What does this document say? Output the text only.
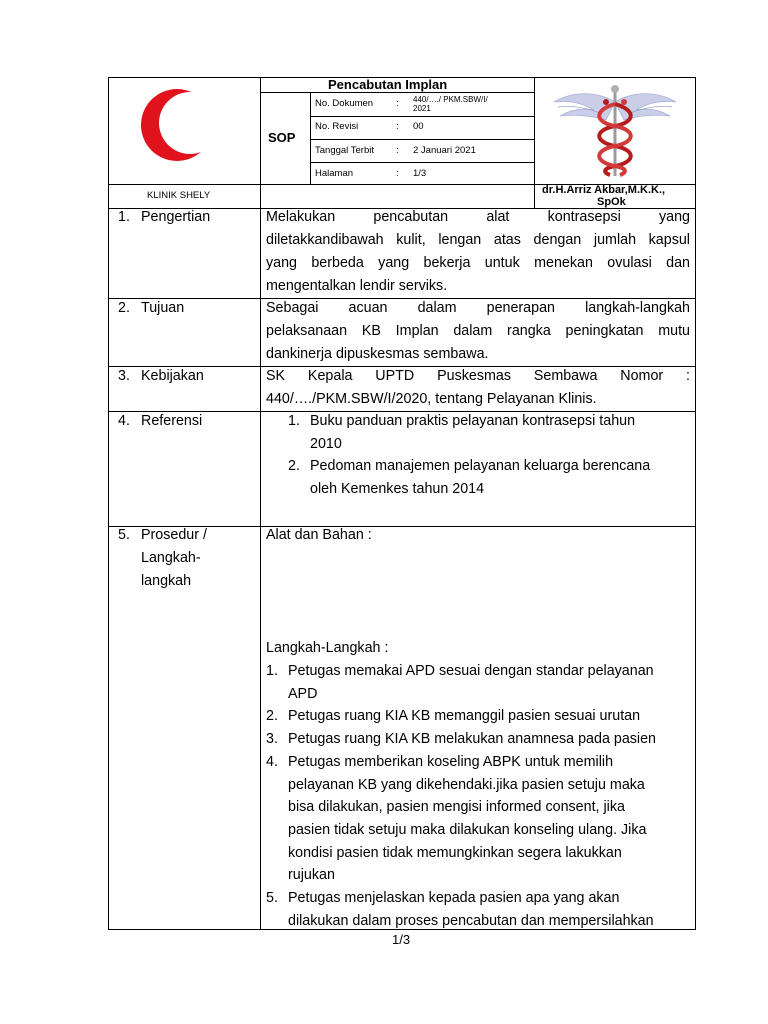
KLINIK SHELY
Pencabutan Implan
SOP
No. Dokumen : 440/…./ PKM.SBW/I/
2021
No. Revisi	: 00
Tanggal Terbit : 2 Januari 2021
Halaman	: 1/3
dr.H.Arriz Akbar,M.K.K.,
SpOk
1. Pengertian	Melakukan pencabutan alat kontrasepsi yang
diletakkandibawah kulit, lengan atas dengan jumlah kapsul
yang berbeda yang bekerja untuk menekan ovulasi dan
mengentalkan lendir serviks.
2. Tujuan	Sebagai acuan dalam penerapan langkah-langkah
pelaksanaan KB Implan dalam rangka peningkatan mutu
dankinerja dipuskesmas sembawa.
3. Kebijakan	SK Kepala UPTD Puskesmas Sembawa Nomor :
440/…./PKM.SBW/I/2020, tentang Pelayanan Klinis.
4. Referensi	1. Buku panduan praktis pelayanan kontrasepsi tahun
2010
2. Pedoman manajemen pelayanan keluarga berencana
oleh Kemenkes tahun 2014
5. Prosedur /
Langkah-
langkah
Alat dan Bahan :
Langkah-Langkah :
1. Petugas memakai APD sesuai dengan standar pelayanan
APD
2. Petugas ruang KIA KB memanggil pasien sesuai urutan
3. Petugas ruang KIA KB melakukan anamnesa pada pasien
4. Petugas memberikan koseling ABPK untuk memilih
pelayanan KB yang dikehendaki.jika pasien setuju maka
bisa dilakukan, pasien mengisi informed consent, jika
pasien tidak setuju maka dilakukan konseling ulang. Jika
kondisi pasien tidak memungkinkan segera lakukkan
rujukan
5. Petugas menjelaskan kepada pasien apa yang akan
dilakukan dalam proses pencabutan dan mempersilahkan
1/3
